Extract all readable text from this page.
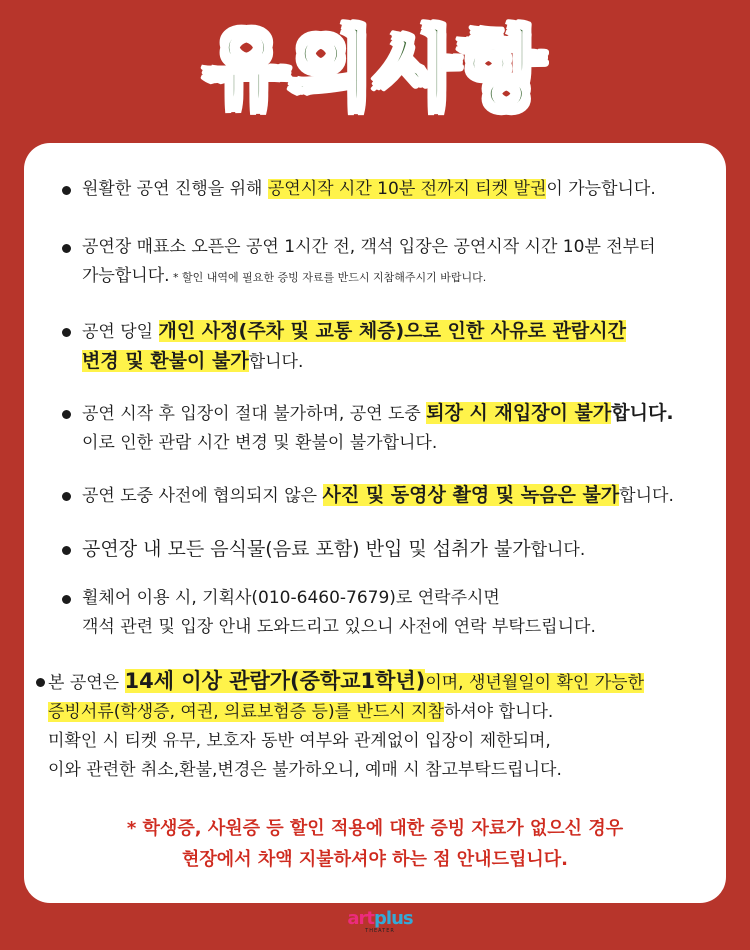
유의사항
원활한 공연 진행을 위해 공연시작 시간 10분 전까지 티켓 발권이 가능합니다.
공연장 매표소 오픈은 공연 1시간 전, 객석 입장은 공연시작 시간 10분 전부터
가능합니다. * 할인 내역에 필요한 증빙 자료를 반드시 지참해주시기 바랍니다.
공연 당일 개인 사정(주차 및 교통 체증)으로 인한 사유로 관람시간
변경 및 환불이 불가합니다.
공연 시작 후 입장이 절대 불가하며, 공연 도중 퇴장 시 재입장이 불가합니다.
이로 인한 관람 시간 변경 및 환불이 불가합니다.
공연 도중 사전에 협의되지 않은 사진 및 동영상 촬영 및 녹음은 불가합니다.
공연장 내 모든 음식물(음료 포함) 반입 및 섭취가 불가합니다.
휠체어 이용 시, 기획사(010-6460-7679)로 연락주시면
객석 관련 및 입장 안내 도와드리고 있으니 사전에 연락 부탁드립니다.
본 공연은 14세 이상 관람가(중학교1학년)이며, 생년월일이 확인 가능한
증빙서류(학생증, 여권, 의료보험증 등)를 반드시 지참하셔야 합니다.
미확인 시 티켓 유무, 보호자 동반 여부와 관계없이 입장이 제한되며,
이와 관련한 취소,환불,변경은 불가하오니, 예매 시 참고부탁드립니다.
* 학생증, 사원증 등 할인 적용에 대한 증빙 자료가 없으신 경우
현장에서 차액 지불하셔야 하는 점 안내드립니다.
artplus
THEATER
